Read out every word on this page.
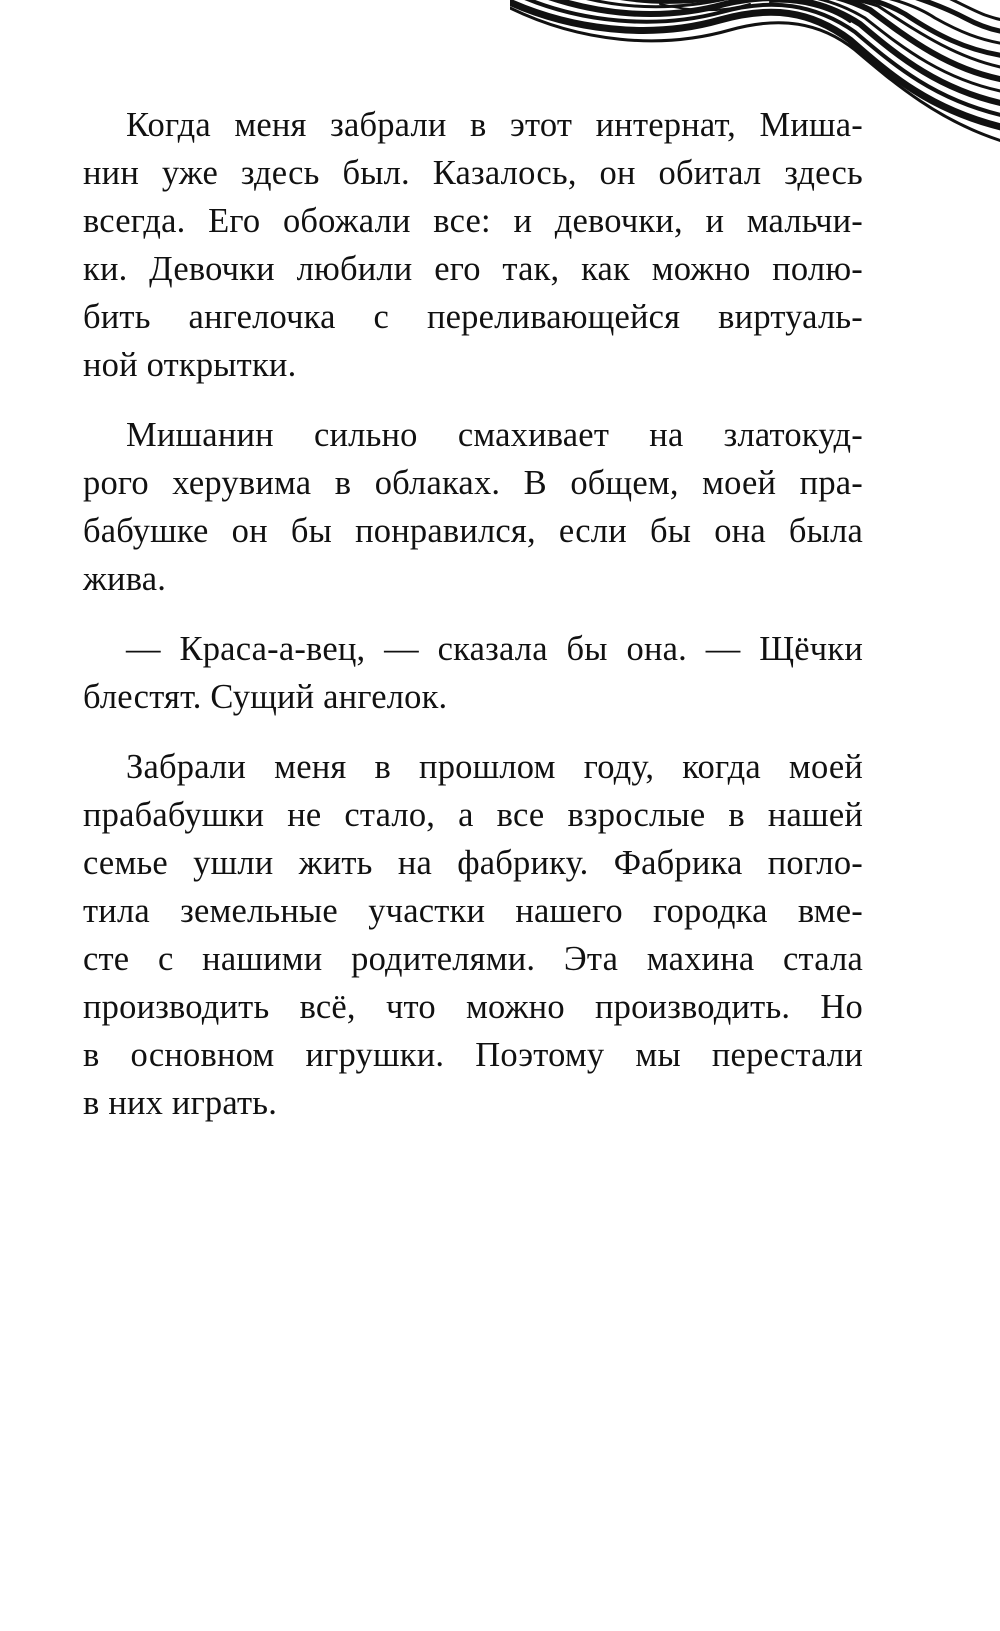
Когда меня забрали в этот интернат, Миша-
нин уже здесь был. Казалось, он обитал здесь
всегда. Его обожали все: и девочки, и мальчи-
ки. Девочки любили его так, как можно полю-
бить ангелочка с переливающейся виртуаль-
ной открытки.

Мишанин сильно смахивает на златокуд-
рого херувима в облаках. В общем, моей пра-
бабушке он бы понравился, если бы она была
жива.

— Краса-а-вец, — сказала бы она. — Щёчки
блестят. Сущий ангелок.

Забрали меня в прошлом году, когда моей
прабабушки не стало, а все взрослые в нашей
семье ушли жить на фабрику. Фабрика погло-
тила земельные участки нашего городка вме-
сте с нашими родителями. Эта махина стала
производить всё, что можно производить. Но
в основном игрушки. Поэтому мы перестали
в них играть.
